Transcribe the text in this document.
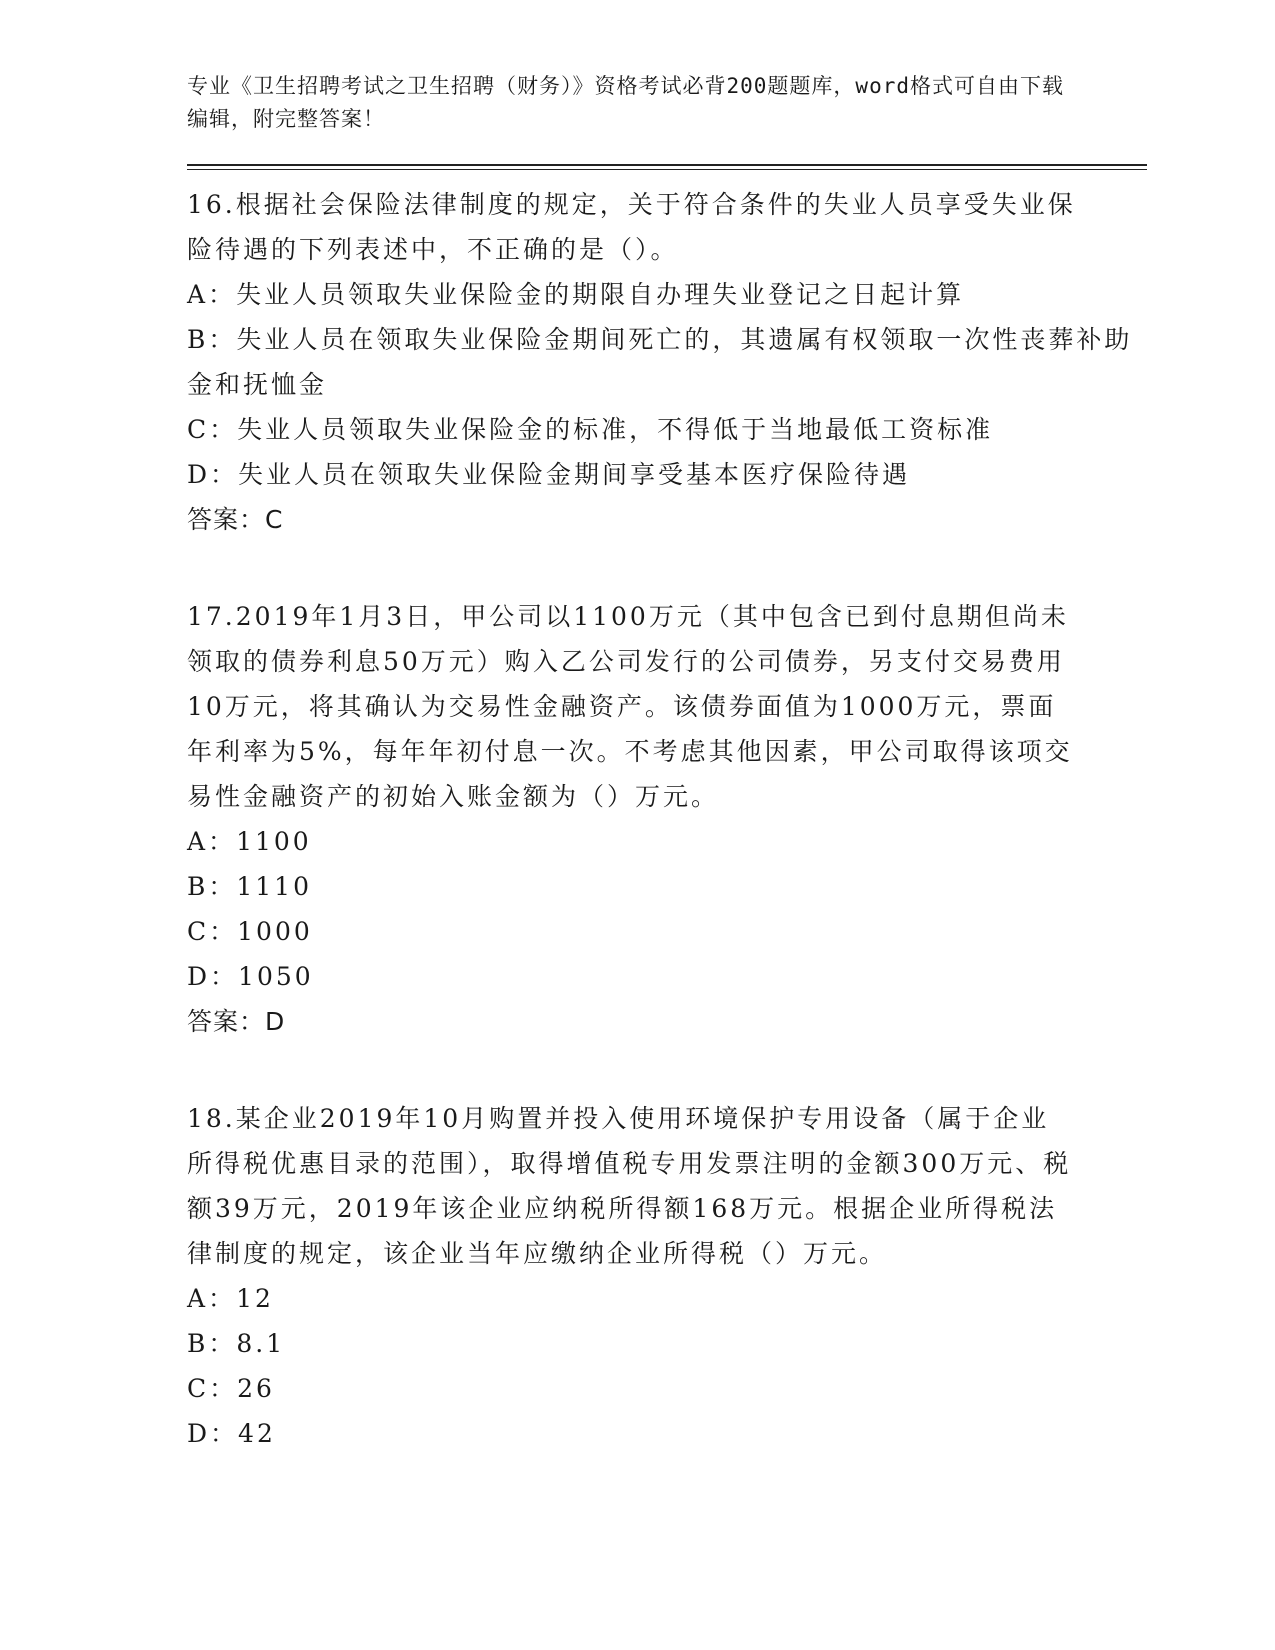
专业《卫生招聘考试之卫生招聘（财务）》资格考试必背200题题库，word格式可自由下载编辑，附完整答案！
16.根据社会保险法律制度的规定，关于符合条件的失业人员享受失业保险待遇的下列表述中，不正确的是（）。
A：失业人员领取失业保险金的期限自办理失业登记之日起计算
B：失业人员在领取失业保险金期间死亡的，其遗属有权领取一次性丧葬补助金和抚恤金
C：失业人员领取失业保险金的标准，不得低于当地最低工资标准
D：失业人员在领取失业保险金期间享受基本医疗保险待遇
答案：C
17.2019年1月3日，甲公司以1100万元（其中包含已到付息期但尚未领取的债券利息50万元）购入乙公司发行的公司债券，另支付交易费用10万元，将其确认为交易性金融资产。该债券面值为1000万元，票面年利率为5%，每年年初付息一次。不考虑其他因素，甲公司取得该项交易性金融资产的初始入账金额为（）万元。
A：1100
B：1110
C：1000
D：1050
答案：D
18.某企业2019年10月购置并投入使用环境保护专用设备（属于企业所得税优惠目录的范围），取得增值税专用发票注明的金额300万元、税额39万元，2019年该企业应纳税所得额168万元。根据企业所得税法律制度的规定，该企业当年应缴纳企业所得税（）万元。
A：12
B：8.1
C：26
D：42
